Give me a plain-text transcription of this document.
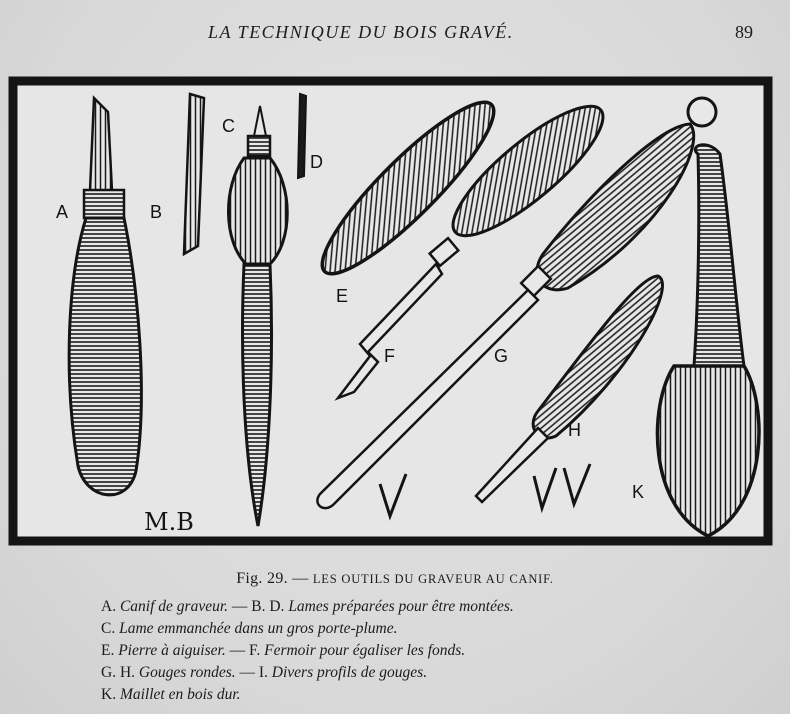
LA TECHNIQUE DU BOIS GRAVÉ.	89
A	B
C
D
E
F	G
H
K
M.B
Fig. 29. — LES OUTILS DU GRAVEUR AU CANIF.
A. Canif de graveur. — B. D. Lames préparées pour être montées.
C. Lame emmanchée dans un gros porte-plume.
E. Pierre à aiguiser. — F. Fermoir pour égaliser les fonds.
G. H. Gouges rondes. — I. Divers profils de gouges.
K. Maillet en bois dur.
